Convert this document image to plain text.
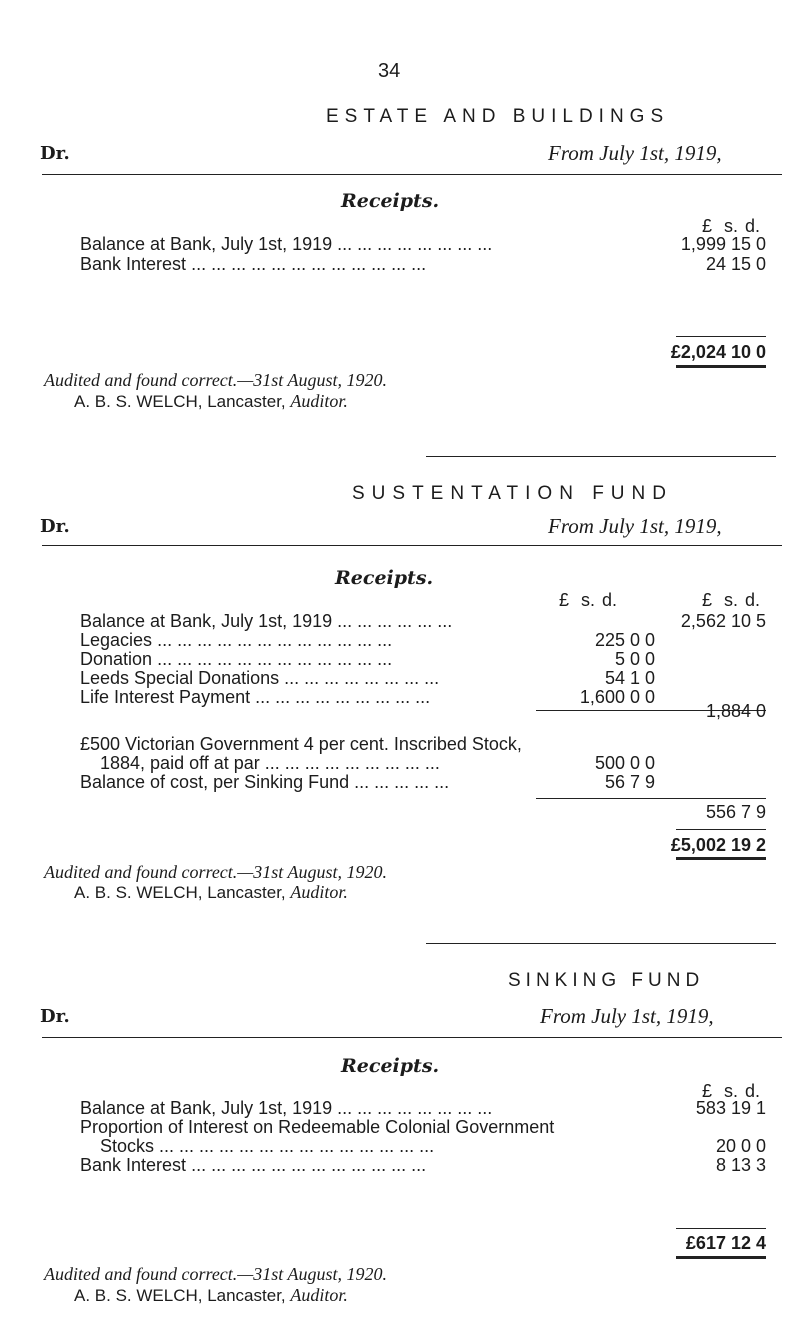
34
ESTATE AND BUILDINGS
Dr.	From July 1st, 1919,
Receipts.
£ s. d.
Balance at Bank, July 1st, 1919 ... ... ... ... ... ... ... ...	1,999 15 0
Bank Interest ... ... ... ... ... ... ... ... ... ... ... ...	24 15 0
£2,024 10 0
Audited and found correct.—31st August, 1920.
A. B. S. WELCH, Lancaster, Auditor.
SUSTENTATION FUND
Dr.	From July 1st, 1919,
Receipts.
£ s. d.	£ s. d.
Balance at Bank, July 1st, 1919 ... ... ... ... ... ...	2,562 10 5
Legacies ... ... ... ... ... ... ... ... ... ... ... ...	225 0 0
Donation ... ... ... ... ... ... ... ... ... ... ... ...	5 0 0
Leeds Special Donations ... ... ... ... ... ... ... ...	54 1 0
Life Interest Payment ... ... ... ... ... ... ... ... ...	1,600 0 0
1,884 0
£500 Victorian Government 4 per cent. Inscribed Stock,
1884, paid off at par ... ... ... ... ... ... ... ... ...	500 0 0
Balance of cost, per Sinking Fund ... ... ... ... ...	56 7 9
556 7 9
£5,002 19 2
Audited and found correct.—31st August, 1920.
A. B. S. WELCH, Lancaster, Auditor.
SINKING FUND
Dr.	From July 1st, 1919,
Receipts.
£ s. d.
Balance at Bank, July 1st, 1919 ... ... ... ... ... ... ... ...	583 19 1
Proportion of Interest on Redeemable Colonial Government
Stocks ... ... ... ... ... ... ... ... ... ... ... ... ... ...	20 0 0
Bank Interest ... ... ... ... ... ... ... ... ... ... ... ...	8 13 3
£617 12 4
Audited and found correct.—31st August, 1920.
A. B. S. WELCH, Lancaster, Auditor.
